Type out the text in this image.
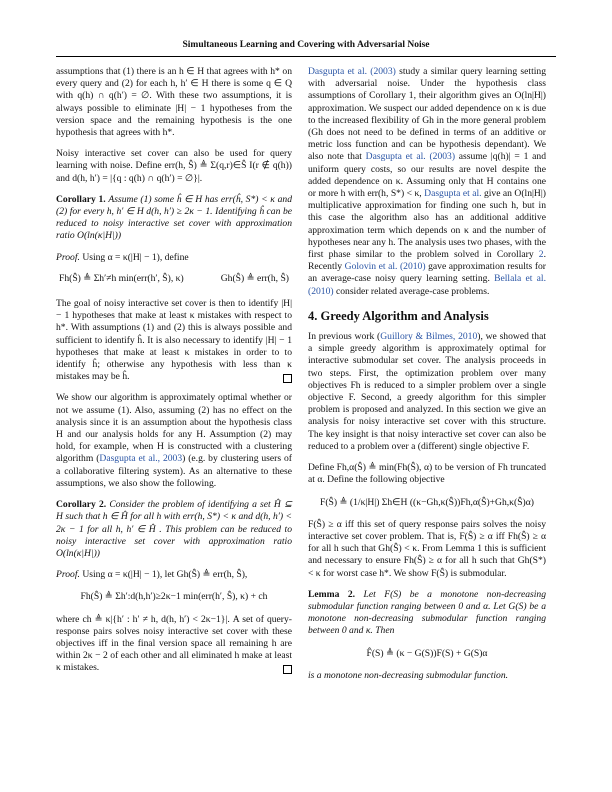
Simultaneous Learning and Covering with Adversarial Noise

assumptions that (1) there is an h ∈ H that agrees with h* on every query and (2) for each h, h′ ∈ H there is some q ∈ Q with q(h) ∩ q(h′) = ∅. With these two assumptions, it is always possible to eliminate |H| − 1 hypotheses from the version space and the remaining hypothesis is the one hypothesis that agrees with h*.

Noisy interactive set cover can also be used for query learning with noise. Define err(h, Ŝ) ≜ Σ(q,r)∈Ŝ I(r ∉ q(h)) and d(h, h′) = |{q : q(h) ∩ q(h′) = ∅}|.

Corollary 1. Assume (1) some ĥ ∈ H has err(ĥ, S*) < κ and (2) for every h, h′ ∈ H d(h, h′) ≥ 2κ − 1. Identifying ĥ can be reduced to noisy interactive set cover with approximation ratio O(ln(κ|H|))

Proof. Using α = κ(|H| − 1), define

Fh(Ŝ) ≜ Σh′≠h min(err(h′, Ŝ), κ)	Gh(Ŝ) ≜ err(h, Ŝ)

The goal of noisy interactive set cover is then to identify |H| − 1 hypotheses that make at least κ mistakes with respect to h*. With assumptions (1) and (2) this is always possible and sufficient to identify ĥ. It is also necessary to identify |H| − 1 hypotheses that make at least κ mistakes in order to to identify ĥ; otherwise any hypothesis with less than κ mistakes may be ĥ.

We show our algorithm is approximately optimal whether or not we assume (1). Also, assuming (2) has no effect on the analysis since it is an assumption about the hypothesis class H and our analysis holds for any H. Assumption (2) may hold, for example, when H is constructed with a clustering algorithm (Dasgupta et al., 2003) (e.g. by clustering users of a collaborative filtering system). As an alternative to these assumptions, we also show the following.

Corollary 2. Consider the problem of identifying a set Ĥ ⊆ H such that h ∈ Ĥ for all h with err(h, S*) < κ and d(h, h′) < 2κ − 1 for all h, h′ ∈ Ĥ . This problem can be reduced to noisy interactive set cover with approximation ratio O(ln(κ|H|))

Proof. Using α = κ(|H| − 1), let Gh(Ŝ) ≜ err(h, Ŝ),

Fh(Ŝ) ≜ Σh′:d(h,h′)≥2κ−1 min(err(h′, Ŝ), κ) + ch

where ch ≜ κ|{h′ : h′ ≠ h, d(h, h′) < 2κ−1}|. A set of query-response pairs solves noisy interactive set cover with these objectives iff in the final version space all remaining h are within 2κ − 2 of each other and all eliminated h make at least κ mistakes.

Dasgupta et al. (2003) study a similar query learning setting with adversarial noise. Under the hypothesis class assumptions of Corollary 1, their algorithm gives an O(ln|H|) approximation. We suspect our added dependence on κ is due to the increased flexibility of Gh in the more general problem (Gh does not need to be defined in terms of an additive or metric loss function and can be hypothesis dependant). We also note that Dasgupta et al. (2003) assume |q(h)| = 1 and uniform query costs, so our results are novel despite the added dependence on κ. Assuming only that H contains one or more h with err(h, S*) < κ, Dasgupta et al. give an O(ln|H|) multiplicative approximation for finding one such h, but in this case the algorithm also has an additional additive approximation term which depends on κ and the number of hypotheses near any h. The analysis uses two phases, with the first phase similar to the problem solved in Corollary 2. Recently Golovin et al. (2010) gave approximation results for an average-case noisy query learning setting. Bellala et al. (2010) consider related average-case problems.

4. Greedy Algorithm and Analysis

In previous work (Guillory & Bilmes, 2010), we showed that a simple greedy algorithm is approximately optimal for interactive submodular set cover. The analysis proceeds in two steps. First, the optimization problem over many objectives Fh is reduced to a simpler problem over a single objective F. Second, a greedy algorithm for this simpler problem is proposed and analyzed. In this section we give an analysis for noisy interactive set cover with this structure. The key insight is that noisy interactive set cover can also be reduced to a problem over a (different) single objective F.

Define Fh,α(Ŝ) ≜ min(Fh(Ŝ), α) to be version of Fh truncated at α. Define the following objective

F(Ŝ) ≜ (1/κ|H|) Σh∈H ((κ−Gh,κ(Ŝ))Fh,α(Ŝ)+Gh,κ(Ŝ)α)

F(Ŝ) ≥ α iff this set of query response pairs solves the noisy interactive set cover problem. That is, F(Ŝ) ≥ α iff Fh(Ŝ) ≥ α for all h such that Gh(Ŝ) < κ. From Lemma 1 this is sufficient and necessary to ensure Fh(Ŝ) ≥ α for all h such that Gh(S*) < κ for worst case h*. We show F(Ŝ) is submodular.

Lemma 2. Let F(S) be a monotone non-decreasing submodular function ranging between 0 and α. Let G(S) be a monotone non-decreasing submodular function ranging between 0 and κ. Then

F̂(S) ≜ (κ − G(S))F(S) + G(S)α

is a monotone non-decreasing submodular function.
